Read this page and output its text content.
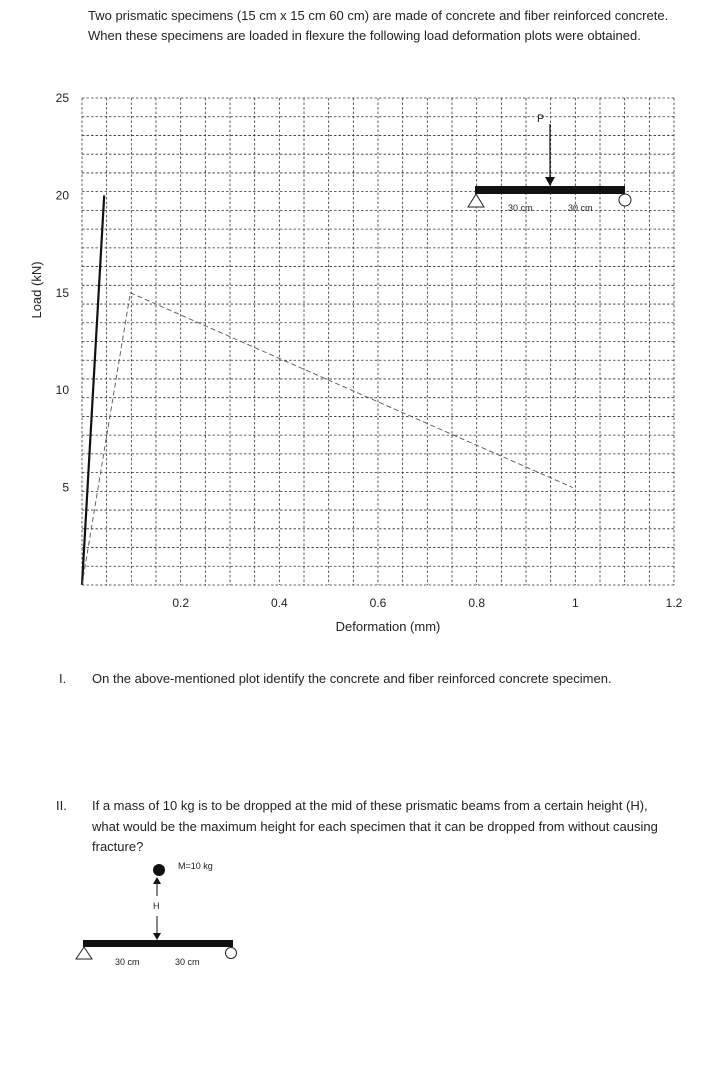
Two prismatic specimens (15 cm x 15 cm 60 cm) are made of concrete and fiber reinforced concrete. When these specimens are loaded in flexure the following load deformation plots were obtained.

0.2	0.4	0.6	0.8	1	1.2
5
10
15
20
25
Deformation (mm)
Load (kN)
P
30 cm	30 cm
I. On the above-mentioned plot identify the concrete and fiber reinforced concrete specimen.

II. If a mass of 10 kg is to be dropped at the mid of these prismatic beams from a certain height (H), what would be the maximum height for each specimen that it can be dropped from without causing fracture?

M=10 kg
H
30 cm	30 cm
